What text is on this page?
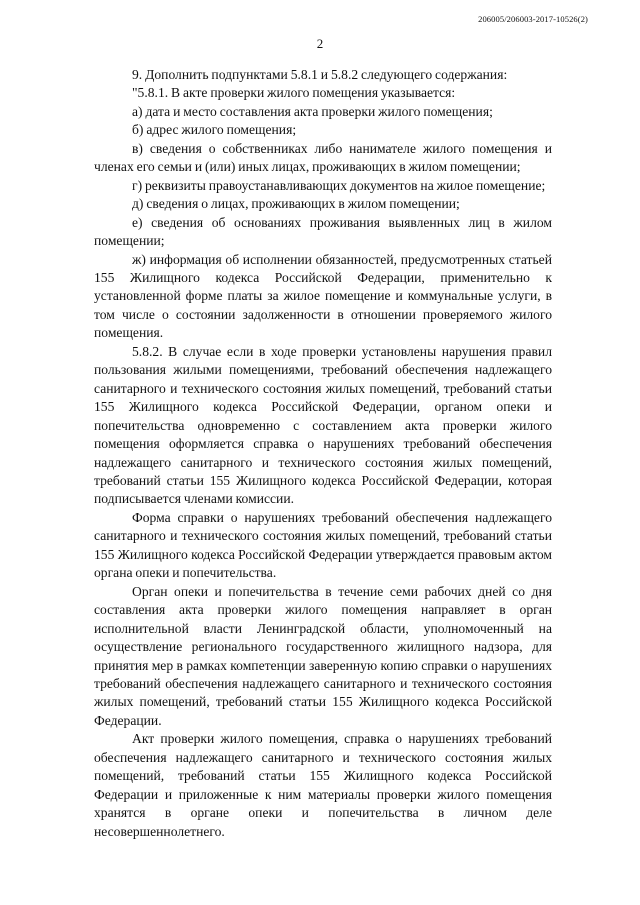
206005/206003-2017-10526(2)
2

9. Дополнить подпунктами 5.8.1 и 5.8.2 следующего содержания:

"5.8.1. В акте проверки жилого помещения указывается:

а) дата и место составления акта проверки жилого помещения;

б) адрес жилого помещения;

в) сведения о собственниках либо нанимателе жилого помещения и членах его семьи и (или) иных лицах, проживающих в жилом помещении;

г) реквизиты правоустанавливающих документов на жилое помещение;

д) сведения о лицах, проживающих в жилом помещении;

е) сведения об основаниях проживания выявленных лиц в жилом помещении;

ж) информация об исполнении обязанностей, предусмотренных статьей 155 Жилищного кодекса Российской Федерации, применительно к установленной форме платы за жилое помещение и коммунальные услуги, в том числе о состоянии задолженности в отношении проверяемого жилого помещения.

5.8.2. В случае если в ходе проверки установлены нарушения правил пользования жилыми помещениями, требований обеспечения надлежащего санитарного и технического состояния жилых помещений, требований статьи 155 Жилищного кодекса Российской Федерации, органом опеки и попечительства одновременно с составлением акта проверки жилого помещения оформляется справка о нарушениях требований обеспечения надлежащего санитарного и технического состояния жилых помещений, требований статьи 155 Жилищного кодекса Российской Федерации, которая подписывается членами комиссии.

Форма справки о нарушениях требований обеспечения надлежащего санитарного и технического состояния жилых помещений, требований статьи 155 Жилищного кодекса Российской Федерации утверждается правовым актом органа опеки и попечительства.

Орган опеки и попечительства в течение семи рабочих дней со дня составления акта проверки жилого помещения направляет в орган исполнительной власти Ленинградской области, уполномоченный на осуществление регионального государственного жилищного надзора, для принятия мер в рамках компетенции заверенную копию справки о нарушениях требований обеспечения надлежащего санитарного и технического состояния жилых помещений, требований статьи 155 Жилищного кодекса Российской Федерации.

Акт проверки жилого помещения, справка о нарушениях требований обеспечения надлежащего санитарного и технического состояния жилых помещений, требований статьи 155 Жилищного кодекса Российской Федерации и приложенные к ним материалы проверки жилого помещения хранятся в органе опеки и попечительства в личном деле несовершеннолетнего.
